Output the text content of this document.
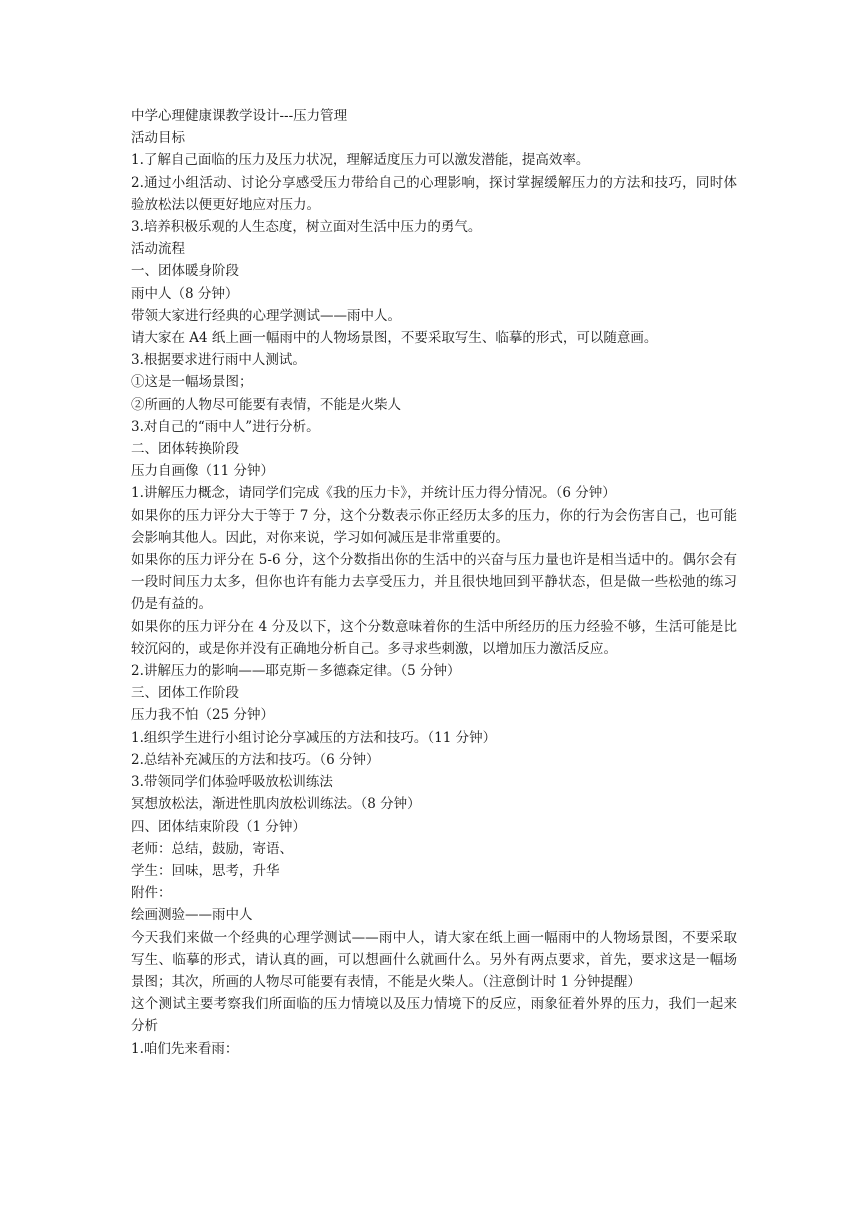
中学心理健康课教学设计---压力管理
活动目标
1.了解自己面临的压力及压力状况，理解适度压力可以激发潜能，提高效率。
2.通过小组活动、讨论分享感受压力带给自己的心理影响，探讨掌握缓解压力的方法和技巧，同时体验放松法以便更好地应对压力。
3.培养积极乐观的人生态度，树立面对生活中压力的勇气。
活动流程
一、团体暖身阶段
雨中人（8 分钟）
带领大家进行经典的心理学测试——雨中人。
请大家在 A4 纸上画一幅雨中的人物场景图，不要采取写生、临摹的形式，可以随意画。
3.根据要求进行雨中人测试。
①这是一幅场景图；
②所画的人物尽可能要有表情，不能是火柴人
3.对自己的“雨中人”进行分析。
二、团体转换阶段
压力自画像（11 分钟）
1.讲解压力概念，请同学们完成《我的压力卡》，并统计压力得分情况。（6 分钟）
如果你的压力评分大于等于 7 分，这个分数表示你正经历太多的压力，你的行为会伤害自己，也可能会影响其他人。因此，对你来说，学习如何减压是非常重要的。
如果你的压力评分在 5-6 分，这个分数指出你的生活中的兴奋与压力量也许是相当适中的。偶尔会有一段时间压力太多，但你也许有能力去享受压力，并且很快地回到平静状态，但是做一些松弛的练习仍是有益的。
如果你的压力评分在 4 分及以下，这个分数意味着你的生活中所经历的压力经验不够，生活可能是比较沉闷的，或是你并没有正确地分析自己。多寻求些刺激，以增加压力激活反应。
2.讲解压力的影响——耶克斯－多德森定律。（5 分钟）
三、团体工作阶段
压力我不怕（25 分钟）
1.组织学生进行小组讨论分享减压的方法和技巧。（11 分钟）
2.总结补充减压的方法和技巧。（6 分钟）
3.带领同学们体验呼吸放松训练法
冥想放松法，渐进性肌肉放松训练法。（8 分钟）
四、团体结束阶段（1 分钟）
老师：总结，鼓励，寄语、
学生：回味，思考，升华
附件：
绘画测验——雨中人
今天我们来做一个经典的心理学测试——雨中人，请大家在纸上画一幅雨中的人物场景图，不要采取写生、临摹的形式，请认真的画，可以想画什么就画什么。另外有两点要求，首先，要求这是一幅场景图；其次，所画的人物尽可能要有表情，不能是火柴人。（注意倒计时 1 分钟提醒）
这个测试主要考察我们所面临的压力情境以及压力情境下的反应，雨象征着外界的压力，我们一起来分析
1.咱们先来看雨：
